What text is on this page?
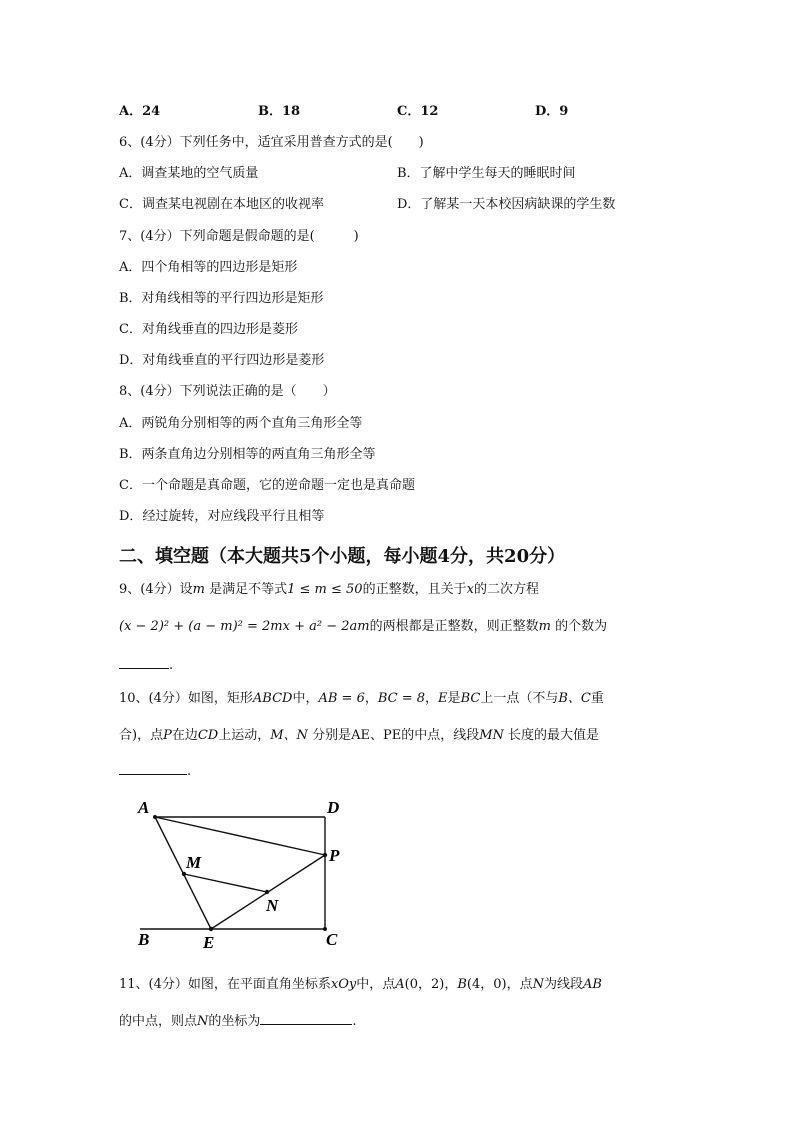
A．24	B．18	C．12	D．9
6、(4分）下列任务中，适宜采用普查方式的是(　　)
A．调查某地的空气质量	B．了解中学生每天的睡眠时间
C．调查某电视剧在本地区的收视率	D．了解某一天本校因病缺课的学生数
7、(4分）下列命题是假命题的是(　　　)
A．四个角相等的四边形是矩形
B．对角线相等的平行四边形是矩形
C．对角线垂直的四边形是菱形
D．对角线垂直的平行四边形是菱形
8、(4分）下列说法正确的是（　　）
A．两锐角分别相等的两个直角三角形全等
B．两条直角边分别相等的两直角三角形全等
C．一个命题是真命题，它的逆命题一定也是真命题
D．经过旋转，对应线段平行且相等
二、填空题（本大题共5个小题，每小题4分，共20分）
9、(4分）设m 是满足不等式1 ≤ m ≤ 50的正整数，且关于x的二次方程
(x − 2)² + (a − m)² = 2mx + a² − 2am的两根都是正整数，则正整数m 的个数为
.
10、(4分）如图，矩形ABCD中，AB = 6，BC = 8，E是BC上一点（不与B、C重
合)，点P在边CD上运动，M、N 分别是AE、PE的中点，线段MN 长度的最大值是
.
A	D
P
M
N
B	E	C
11、(4分）如图，在平面直角坐标系xOy中，点A(0，2)，B(4，0)，点N为线段AB
的中点，则点N的坐标为	.
